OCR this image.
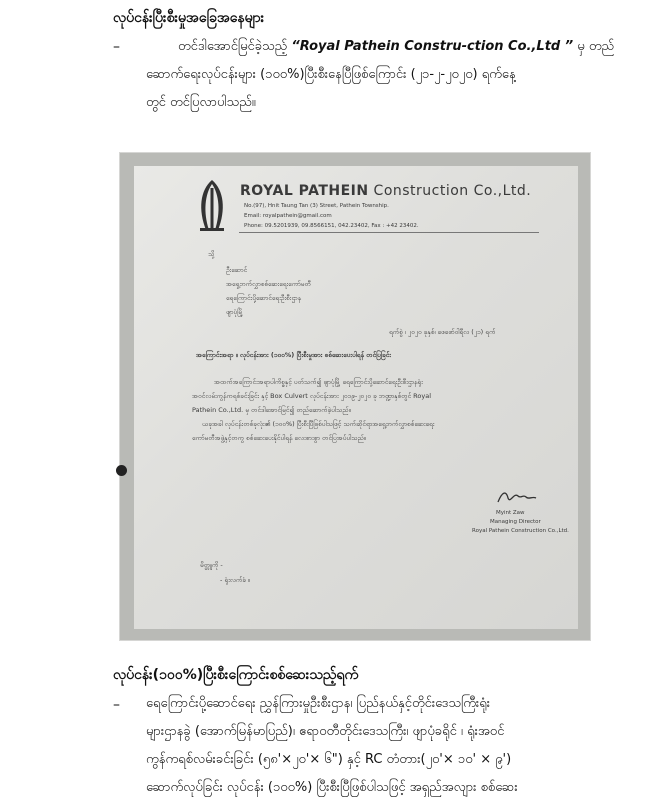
လုပ်ငန်းပြီးစီးမှုအခြေအနေများ
–	တင်ဒါအောင်မြင်ခဲ့သည့် “Royal Pathein Constru-ction Co.,Ltd ” မှ တည်
ဆောက်ရေးလုပ်ငန်းများ (၁၀၀%)ပြီးစီးနေပြီဖြစ်ကြောင်း (၂၁-၂-၂၀၂၀) ရက်နေ့
တွင် တင်ပြလာပါသည်။
ROYAL PATHEIN Construction Co.,Ltd.
No.(97), Hnit Taung Tan (3) Street, Pathein Township.
Email: royalpathein@gmail.com
Phone: 09.5201939, 09.8566151, 042.23402, Fax : +42 23402.
သို့
ဦးဆောင်
အရှေ့ဘက်လွှာစစ်ဆေးရေးကော်မတီ
ရေကြောင်းပို့ဆောင်ရေးဦးစီးဌာန
ဖျာပုံမြို့
ရက်စွဲ ၊ ၂၀၂၀ ခုနှစ်၊ ဖေဖော်ဝါရီလ (၂၁) ရက်
အကြောင်းအရာ ။ လုပ်ငန်းအား (၁၀၀%) ပြီးစီးမှုအား စစ်ဆေးပေးပါရန် တင်ပြခြင်း
အထက်အကြောင်းအရာပါကိစ္စနှင့် ပတ်သက်၍ ဖျာပုံမြို့ ရေကြောင်းပို့ဆောင်ရေးဦးစီးဌာနရုံး
အဝင်လမ်းကွန်ကရစ်ခင်းခြင်း နှင့် Box Culvert လုပ်ငန်းအား ၂၀၁၉-၂၀၂၀ ခု ဘဏ္ဍာနှစ်တွင် Royal
Pathein Co.,Ltd. မှ တင်ဒါအောင်မြင်၍ တည်ဆောက်ခဲ့ပါသည်။
ယခုအခါ လုပ်ငန်းတစ်ခုလုံး၏ (၁၀၀%) ပြီးစီးပြီဖြစ်ပါသဖြင့် သက်ဆိုင်ရာအရှေ့ဘက်လွှာစစ်ဆေးရေး
ကော်မတီအဖွဲ့နှင့်တကွ စစ်ဆေးပေးနိုင်ပါရန် လေးစားစွာ တင်ပြအပ်ပါသည်။
Myint Zaw
Managing Director
Royal Pathein Construction Co.,Ltd.
မိတ္တူကို -
- ရုံးလက်ခံ ။
လုပ်ငန်း(၁၀၀%)ပြီးစီးကြောင်းစစ်ဆေးသည့်ရက်
– ရေကြောင်းပို့ဆောင်ရေး ညွှန်ကြားမှုဦးစီးဌာန၊ ပြည်နယ်နှင့်တိုင်းဒေသကြီးရုံး
များဌာနခွဲ (အောက်မြန်မာပြည်)၊ ဧရာဝတီတိုင်းဒေသကြီး၊ ဖျာပုံခရိုင် ၊ ရုံးအဝင်
ကွန်ကရစ်လမ်းခင်းခြင်း (၅၈'×၂၀'× ၆") နှင့် RC တံတား(၂၀'× ၁၀' × ၉')
ဆောက်လုပ်ခြင်း လုပ်ငန်း (၁၀၀%) ပြီးစီးပြီဖြစ်ပါသဖြင့် အရှည်အလျား စစ်ဆေး
